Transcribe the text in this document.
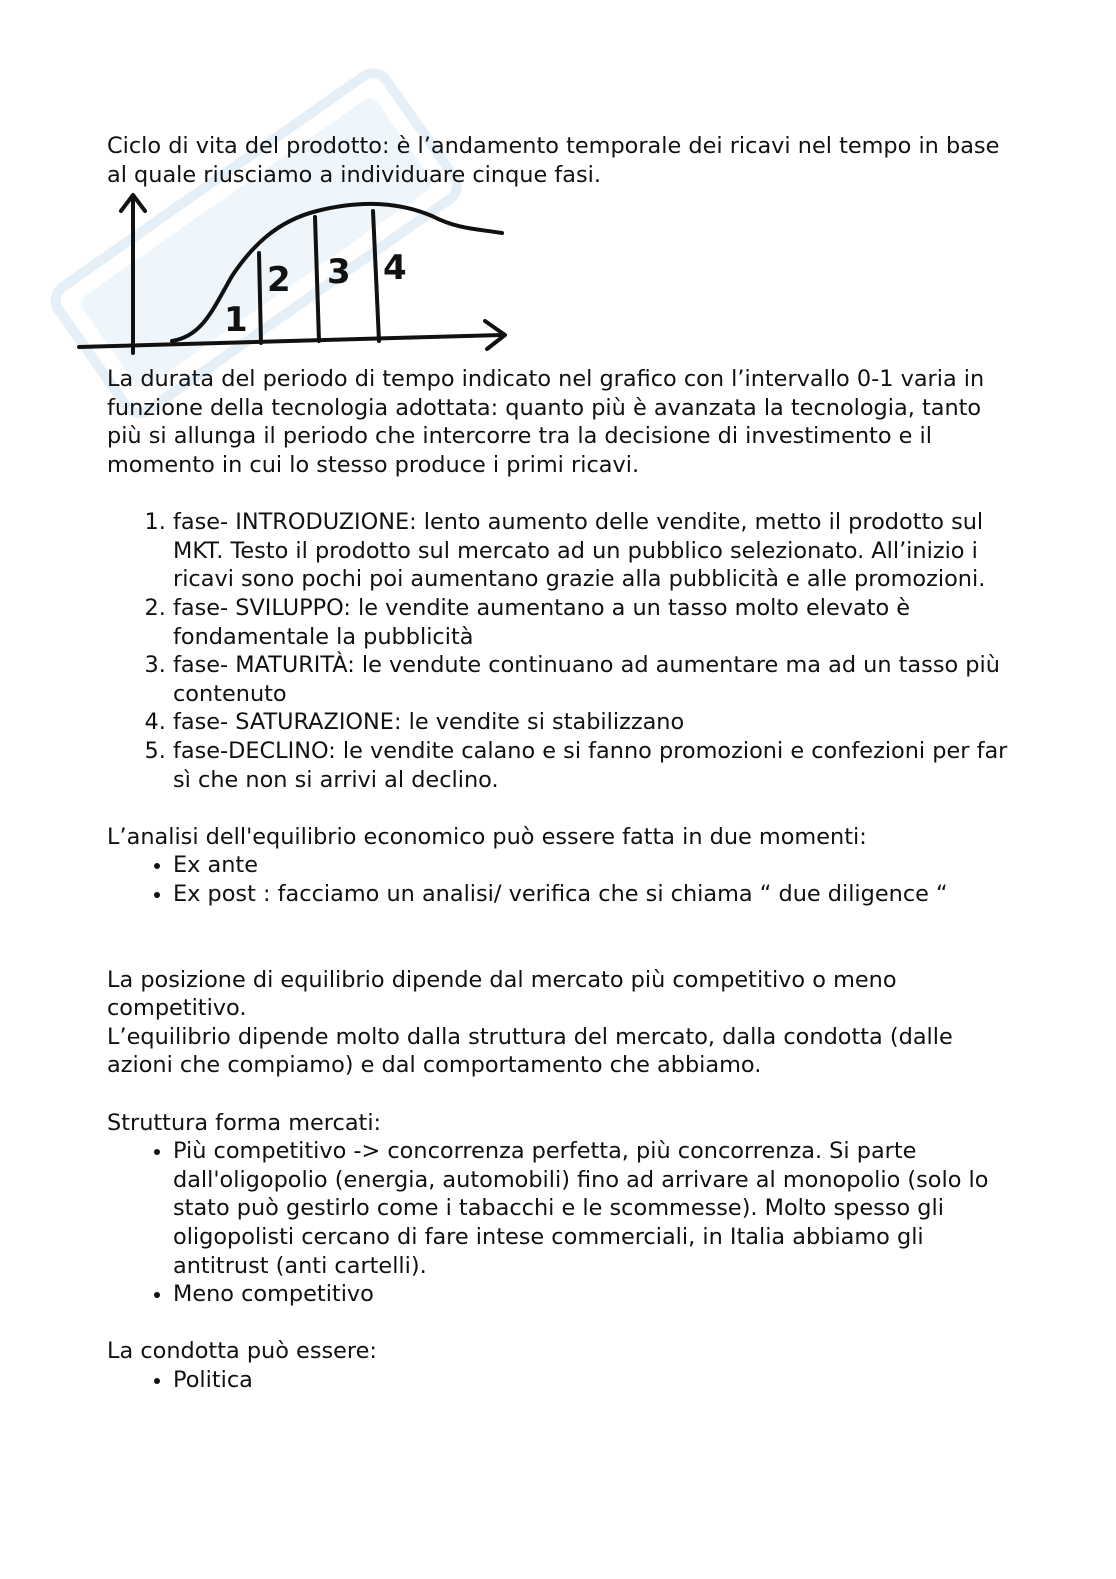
Ciclo di vita del prodotto: è l’andamento temporale dei ricavi nel tempo in base al quale riusciamo a individuare cinque fasi.

1
2 3 4

La durata del periodo di tempo indicato nel grafico con l’intervallo 0-1 varia in funzione della tecnologia adottata: quanto più è avanzata la tecnologia, tanto più si allunga il periodo che intercorre tra la decisione di investimento e il momento in cui lo stesso produce i primi ricavi.

1. fase- INTRODUZIONE: lento aumento delle vendite, metto il prodotto sul MKT. Testo il prodotto sul mercato ad un pubblico selezionato. All’inizio i ricavi sono pochi poi aumentano grazie alla pubblicità e alle promozioni.
2. fase- SVILUPPO: le vendite aumentano a un tasso molto elevato è fondamentale la pubblicità
3. fase- MATURITÀ: le vendute continuano ad aumentare ma ad un tasso più contenuto
4. fase- SATURAZIONE: le vendite si stabilizzano
5. fase-DECLINO: le vendite calano e si fanno promozioni e confezioni per far sì che non si arrivi al declino.

L’analisi dell'equilibrio economico può essere fatta in due momenti:

• Ex ante
• Ex post : facciamo un analisi/ verifica che si chiama “ due diligence “

La posizione di equilibrio dipende dal mercato più competitivo o meno competitivo.

L’equilibrio dipende molto dalla struttura del mercato, dalla condotta (dalle azioni che compiamo) e dal comportamento che abbiamo.

Struttura forma mercati:

• Più competitivo -> concorrenza perfetta, più concorrenza. Si parte dall'oligopolio (energia, automobili) fino ad arrivare al monopolio (solo lo stato può gestirlo come i tabacchi e le scommesse). Molto spesso gli oligopolisti cercano di fare intese commerciali, in Italia abbiamo gli antitrust (anti cartelli).
• Meno competitivo

La condotta può essere:

• Politica
